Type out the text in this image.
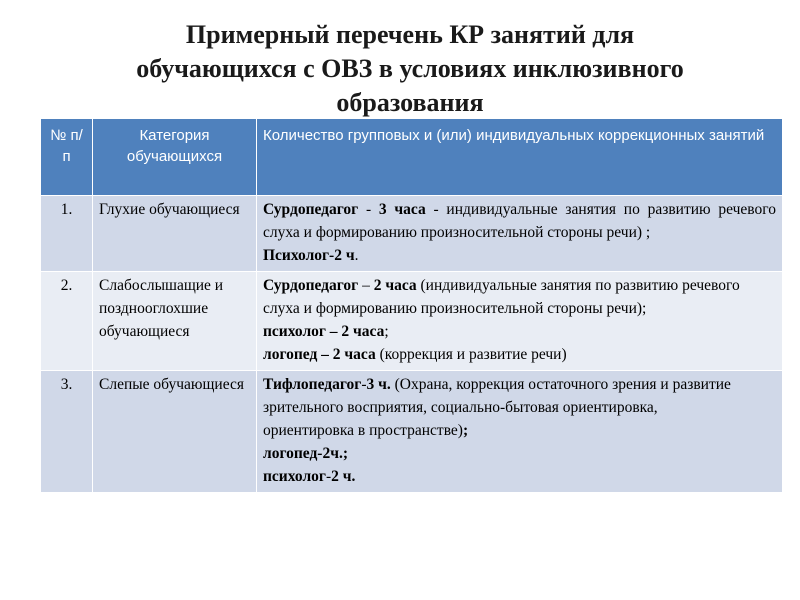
Примерный перечень КР занятий для
обучающихся с ОВЗ в условиях инклюзивного
образования
№ п/п	Категория обучающихся	Количество групповых и (или) индивидуальных коррекционных занятий
1.	Глухие обучающиеся	Сурдопедагог - 3 часа - индивидуальные занятия по развитию речевого слуха и формированию произносительной стороны речи) ;
Психолог-2 ч.

2.	Слабослышащие и позднооглохшие обучающиеся	Сурдопедагог – 2 часа (индивидуальные занятия по развитию речевого слуха и формированию произносительной стороны речи);
психолог – 2 часа;
логопед – 2 часа (коррекция и развитие речи)

3.	Слепые обучающиеся	Тифлопедагог-3 ч. (Охрана, коррекция остаточного зрения и развитие зрительного восприятия, социально-бытовая ориентировка,
ориентировка в пространстве);
логопед-2ч.;
психолог-2 ч.
